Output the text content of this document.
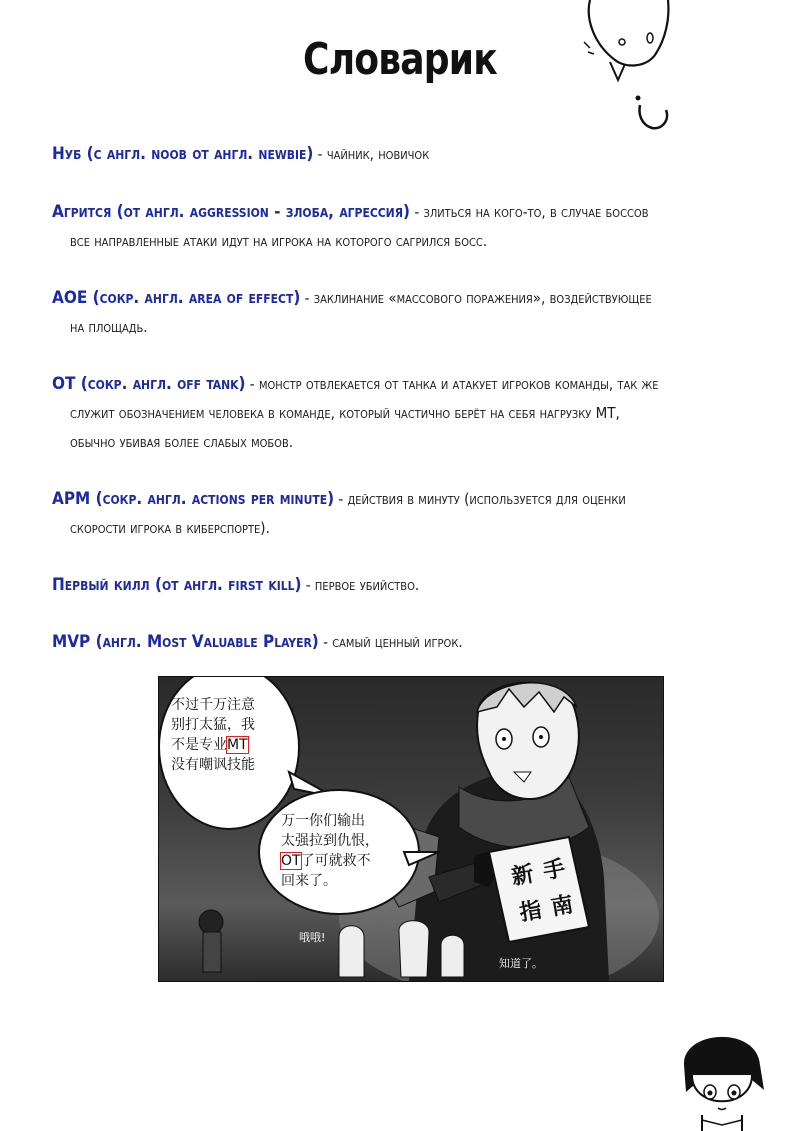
Словарик
Нуб (с англ. noob от англ. newbie) - чайник, новичок
Агрится (от англ. aggression - злоба, агрессия) - злиться на кого-то, в случае боссов
все направленные атаки идут на игрока на которого сагрился босс.
AOE (сокр. англ. area of effect) - заклинание «массового поражения», воздействующее
на площадь.
OT (сокр. англ. off tank) - монстр отвлекается от танка и атакует игроков команды, так же
служит обозначением человека в команде, который частично берёт на себя нагрузку MT,
обычно убивая более слабых мобов.
APM (сокр. англ. actions per minute) - действия в минуту (используется для оценки
скорости игрока в киберспорте).
Первый килл (от англ. first kill) - первое убийство.
MVP (англ. Most Valuable Player) - самый ценный игрок.
不过千万注意
别打太猛，我
不是专业MT
没有嘲讽技能
万一你们输出
太强拉到仇恨，
OT了可就救不
回来了。	新手
指南
哦哦!
知道了。
